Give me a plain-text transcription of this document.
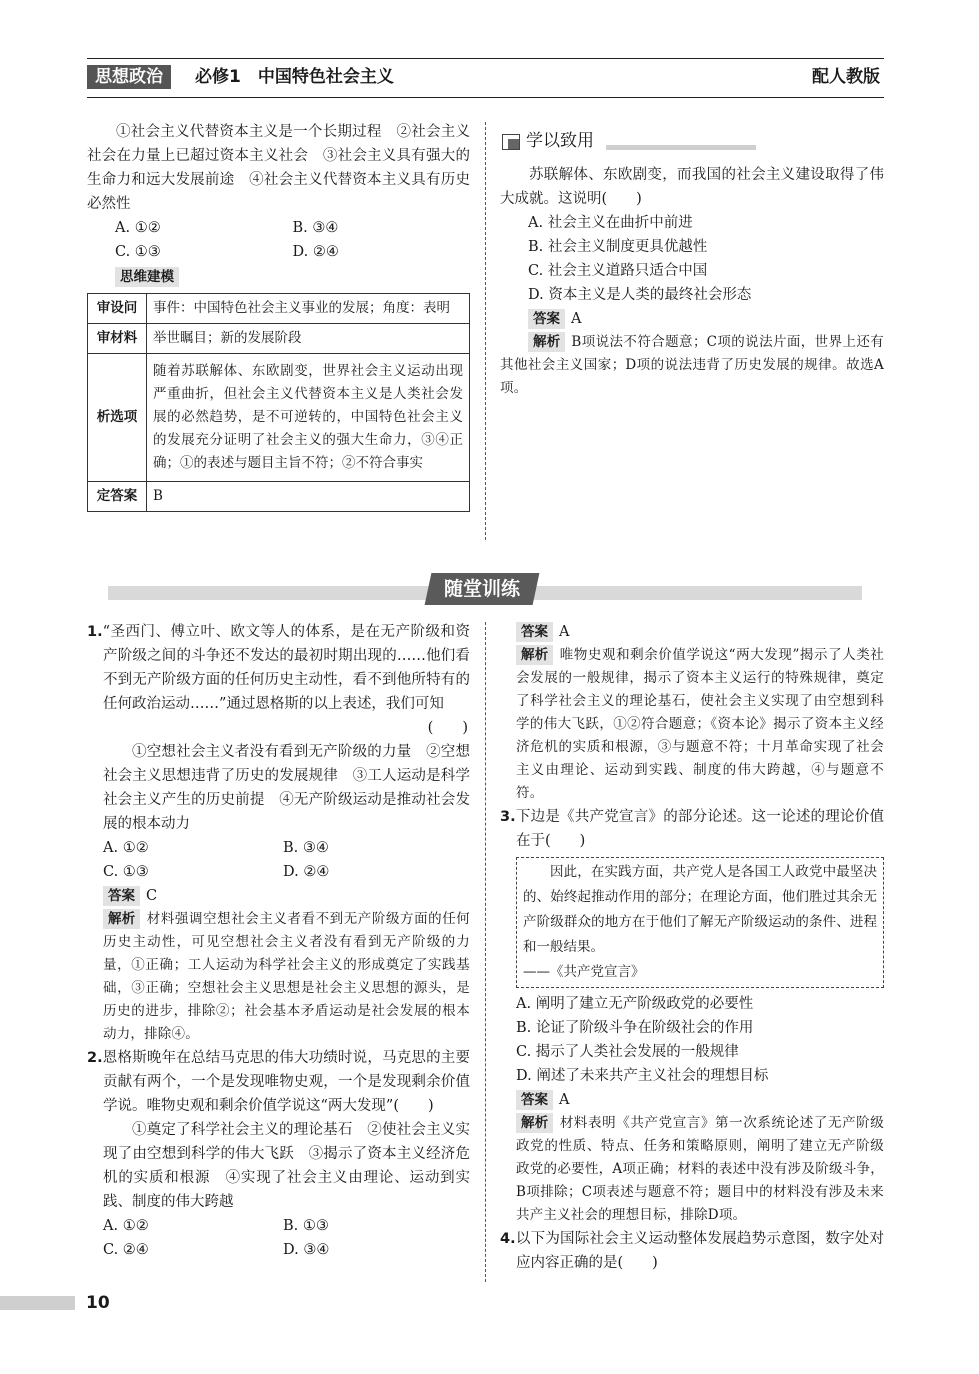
思想政治	必修1　中国特色社会主义	配人教版

①社会主义代替资本主义是一个长期过程　②社会主义社会在力量上已超过资本主义社会　③社会主义具有强大的生命力和远大发展前途　④社会主义代替资本主义具有历史必然性

A. ①②	B. ③④
C. ①③	D. ②④
思维建模
审设问	事件：中国特色社会主义事业的发展；角度：表明
审材料	举世瞩目；新的发展阶段
析选项	随着苏联解体、东欧剧变，世界社会主义运动出现严重曲折，但社会主义代替资本主义是人类社会发展的必然趋势，是不可逆转的，中国特色社会主义的发展充分证明了社会主义的强大生命力，③④正确；①的表述与题目主旨不符；②不符合事实
定答案	B
学以致用

苏联解体、东欧剧变，而我国的社会主义建设取得了伟大成就。这说明(　　)

A. 社会主义在曲折中前进

B. 社会主义制度更具优越性

C. 社会主义道路只适合中国

D. 资本主义是人类的最终社会形态

答案 A

解析 B项说法不符合题意；C项的说法片面，世界上还有其他社会主义国家；D项的说法违背了历史发展的规律。故选A项。

随堂训练

1.“圣西门、傅立叶、欧文等人的体系，是在无产阶级和资产阶级之间的斗争还不发达的最初时期出现的……他们看不到无产阶级方面的任何历史主动性，看不到他所特有的任何政治运动……”通过恩格斯的以上表述，我们可知

(　　)

①空想社会主义者没有看到无产阶级的力量　②空想社会主义思想违背了历史的发展规律　③工人运动是科学社会主义产生的历史前提　④无产阶级运动是推动社会发展的根本动力

A. ①②	B. ③④
C. ①③	D. ②④

答案 C

解析 材料强调空想社会主义者看不到无产阶级方面的任何历史主动性，可见空想社会主义者没有看到无产阶级的力量，①正确；工人运动为科学社会主义的形成奠定了实践基础，③正确；空想社会主义思想是社会主义思想的源头，是历史的进步，排除②；社会基本矛盾运动是社会发展的根本动力，排除④。

2.恩格斯晚年在总结马克思的伟大功绩时说，马克思的主要贡献有两个，一个是发现唯物史观，一个是发现剩余价值学说。唯物史观和剩余价值学说这“两大发现”(　　)

①奠定了科学社会主义的理论基石　②使社会主义实现了由空想到科学的伟大飞跃　③揭示了资本主义经济危机的实质和根源　④实现了社会主义由理论、运动到实践、制度的伟大跨越

A. ①②	B. ①③
C. ②④	D. ③④

答案 A

解析 唯物史观和剩余价值学说这“两大发现”揭示了人类社会发展的一般规律，揭示了资本主义运行的特殊规律，奠定了科学社会主义的理论基石，使社会主义实现了由空想到科学的伟大飞跃，①②符合题意；《资本论》揭示了资本主义经济危机的实质和根源，③与题意不符；十月革命实现了社会主义由理论、运动到实践、制度的伟大跨越，④与题意不符。

3.下边是《共产党宣言》的部分论述。这一论述的理论价值在于(　　)

因此，在实践方面，共产党人是各国工人政党中最坚决的、始终起推动作用的部分；在理论方面，他们胜过其余无产阶级群众的地方在于他们了解无产阶级运动的条件、进程和一般结果。

——《共产党宣言》

A. 阐明了建立无产阶级政党的必要性

B. 论证了阶级斗争在阶级社会的作用

C. 揭示了人类社会发展的一般规律

D. 阐述了未来共产主义社会的理想目标

答案 A

解析 材料表明《共产党宣言》第一次系统论述了无产阶级政党的性质、特点、任务和策略原则，阐明了建立无产阶级政党的必要性，A项正确；材料的表述中没有涉及阶级斗争，B项排除；C项表述与题意不符；题目中的材料没有涉及未来共产主义社会的理想目标，排除D项。

4.以下为国际社会主义运动整体发展趋势示意图，数字处对应内容正确的是(　　)

10
